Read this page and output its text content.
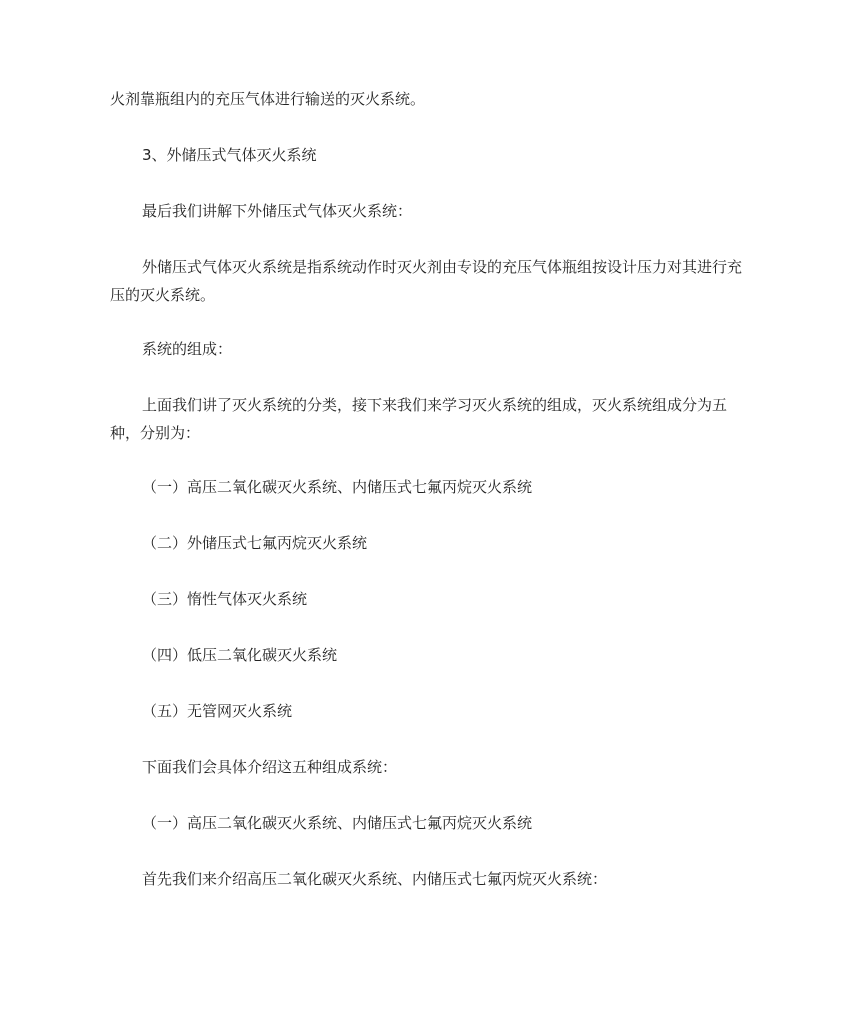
火剂靠瓶组内的充压气体进行输送的灭火系统。

3、外储压式气体灭火系统

最后我们讲解下外储压式气体灭火系统：

外储压式气体灭火系统是指系统动作时灭火剂由专设的充压气体瓶组按设计压力对其进行充压的灭火系统。

系统的组成：

上面我们讲了灭火系统的分类，接下来我们来学习灭火系统的组成，灭火系统组成分为五种，分别为：

（一）高压二氧化碳灭火系统、内储压式七氟丙烷灭火系统

（二）外储压式七氟丙烷灭火系统

（三）惰性气体灭火系统

（四）低压二氧化碳灭火系统

（五）无管网灭火系统

下面我们会具体介绍这五种组成系统：

（一）高压二氧化碳灭火系统、内储压式七氟丙烷灭火系统

首先我们来介绍高压二氧化碳灭火系统、内储压式七氟丙烷灭火系统：
